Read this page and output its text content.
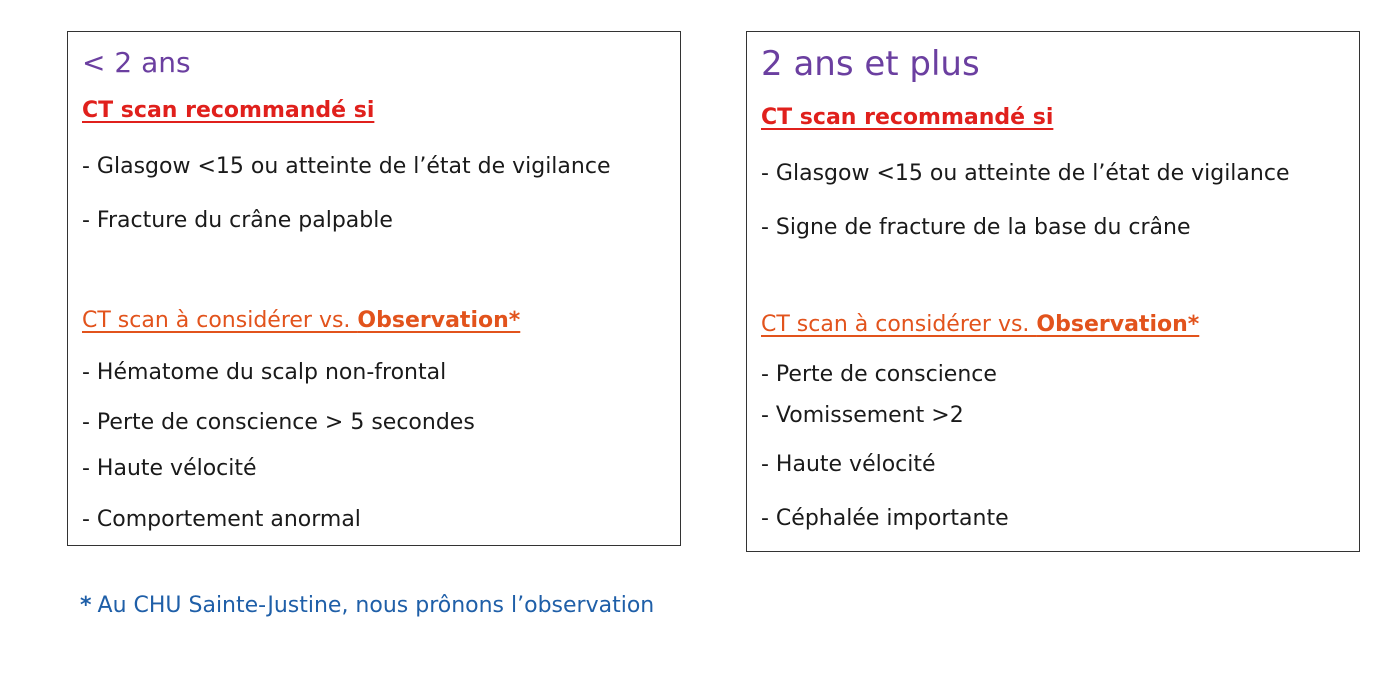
< 2 ans
CT scan recommandé si
- Glasgow <15 ou atteinte de l’état de vigilance
- Fracture du crâne palpable
CT scan à considérer vs. Observation*
- Hématome du scalp non-frontal
- Perte de conscience > 5 secondes
- Haute vélocité
- Comportement anormal
2 ans et plus
CT scan recommandé si
- Glasgow <15 ou atteinte de l’état de vigilance
- Signe de fracture de la base du crâne
CT scan à considérer vs. Observation*
- Perte de conscience
- Vomissement >2
- Haute vélocité
- Céphalée importante
* Au CHU Sainte-Justine, nous prônons l’observation
